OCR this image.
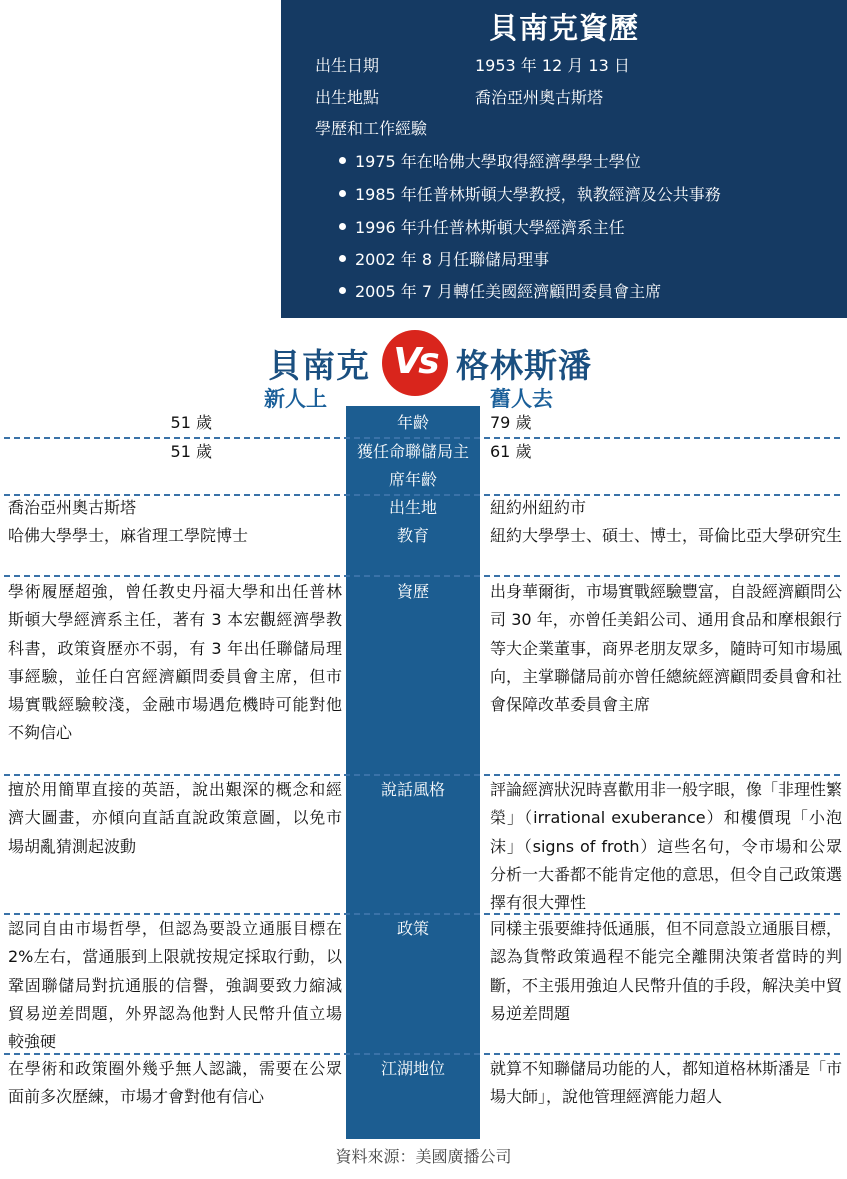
貝南克資歷
出生日期	1953 年 12 月 13 日
出生地點	喬治亞州奧古斯塔
學歷和工作經驗
1975 年在哈佛大學取得經濟學學士學位
1985 年任普林斯頓大學教授，執教經濟及公共事務
1996 年升任普林斯頓大學經濟系主任
2002 年 8 月任聯儲局理事
2005 年 7 月轉任美國經濟顧問委員會主席
貝南克 Vs 格林斯潘
新人上	舊人去
年齡
51 歲	79 歲
獲任命聯儲局主席年齡
51 歲	61 歲
出生地
喬治亞州奧古斯塔	紐約州紐約市
教育
哈佛大學學士，麻省理工學院博士	紐約大學學士、碩士、博士，哥倫比亞大學研究生
資歷
學術履歷超強，曾任教史丹福大學和出任普林斯頓大學經濟系主任，著有 3 本宏觀經濟學教科書，政策資歷亦不弱，有 3 年出任聯儲局理事經驗，並任白宮經濟顧問委員會主席，但市場實戰經驗較淺，金融市場遇危機時可能對他不夠信心
出身華爾街，市場實戰經驗豐富，自設經濟顧問公司 30 年，亦曾任美鋁公司、通用食品和摩根銀行等大企業董事，商界老朋友眾多，隨時可知市場風向，主掌聯儲局前亦曾任總統經濟顧問委員會和社會保障改革委員會主席
說話風格
擅於用簡單直接的英語，說出艱深的概念和經濟大圖畫，亦傾向直話直說政策意圖，以免市場胡亂猜測起波動
評論經濟狀況時喜歡用非一般字眼，像「非理性繁榮」（irrational exuberance）和樓價現「小泡沫」（signs of froth）這些名句，令市場和公眾分析一大番都不能肯定他的意思，但令自己政策選擇有很大彈性
政策
認同自由市場哲學，但認為要設立通脹目標在 2%左右，當通脹到上限就按規定採取行動，以鞏固聯儲局對抗通脹的信譽，強調要致力縮減貿易逆差問題，外界認為他對人民幣升值立場較強硬
同樣主張要維持低通脹，但不同意設立通脹目標，認為貨幣政策過程不能完全離開決策者當時的判斷，不主張用強迫人民幣升值的手段，解決美中貿易逆差問題
江湖地位
在學術和政策圈外幾乎無人認識，需要在公眾面前多次歷練，市場才會對他有信心
就算不知聯儲局功能的人，都知道格林斯潘是「市場大師」，說他管理經濟能力超人
資料來源：美國廣播公司
